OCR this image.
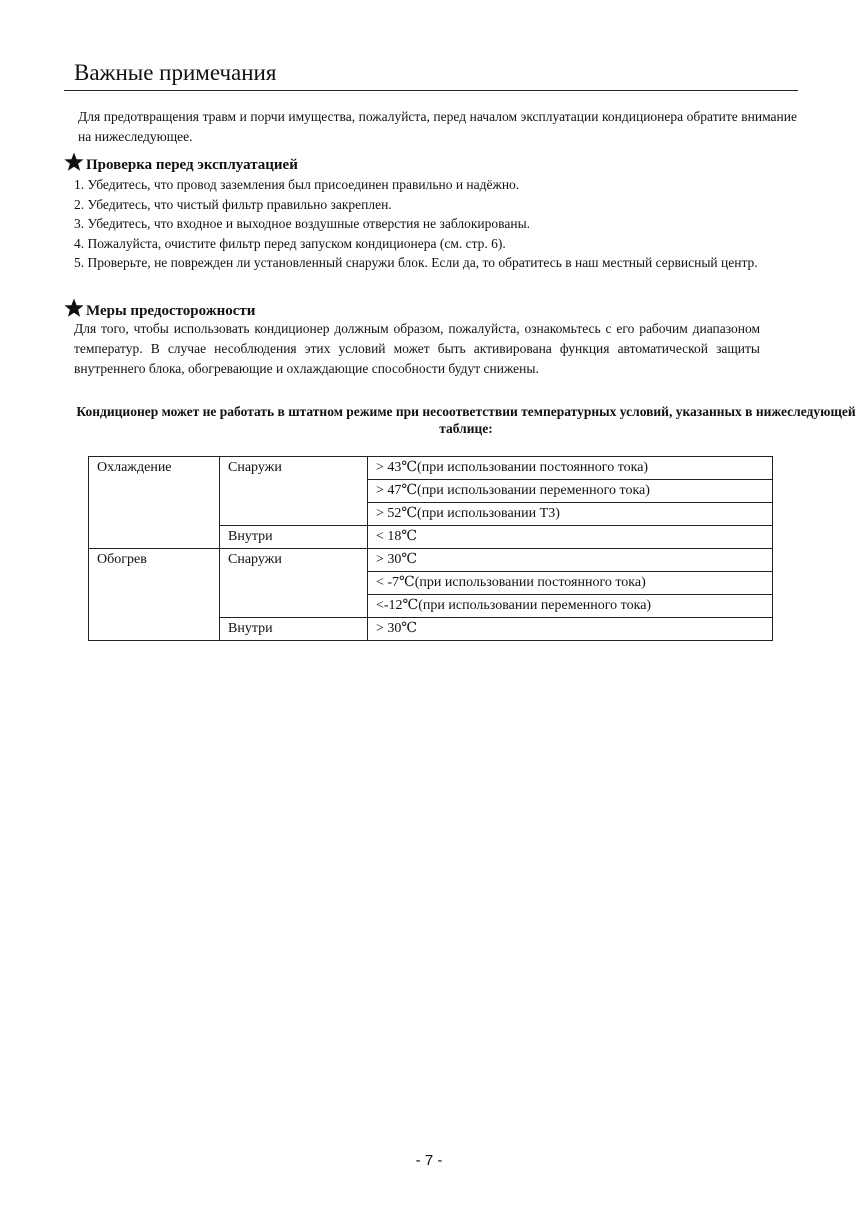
Важные примечания

Для предотвращения травм и порчи имущества, пожалуйста, перед началом эксплуатации кондиционера обратите внимание на нижеследующее.

Проверка перед эксплуатацией
1. Убедитесь, что провод заземления был присоединен правильно и надёжно.
2. Убедитесь, что чистый фильтр правильно закреплен.
3. Убедитесь, что входное и выходное воздушные отверстия не заблокированы.
4. Пожалуйста, очистите фильтр перед запуском кондиционера (см. стр. 6).
5. Проверьте, не поврежден ли установленный снаружи блок. Если да, то обратитесь в наш местный сервисный центр.
Меры предосторожности

Для того, чтобы использовать кондиционер должным образом, пожалуйста, ознакомьтесь с его рабочим диапазоном температур. В случае несоблюдения этих условий может быть активирована функция автоматической защиты внутреннего блока, обогревающие и охлаждающие способности будут снижены.

Кондиционер может не работать в штатном режиме при несоответствии температурных условий, указанных в нижеследующей таблице:

Охлаждение	Снаружи	> 43℃(при использовании постоянного тока)
		> 47℃(при использовании переменного тока)
		> 52℃(при использовании Т3)
	Внутри	< 18℃
Обогрев	Снаружи	> 30℃
		< -7℃(при использовании постоянного тока)
		<-12℃(при использовании переменного тока)
	Внутри	> 30℃
- 7 -
